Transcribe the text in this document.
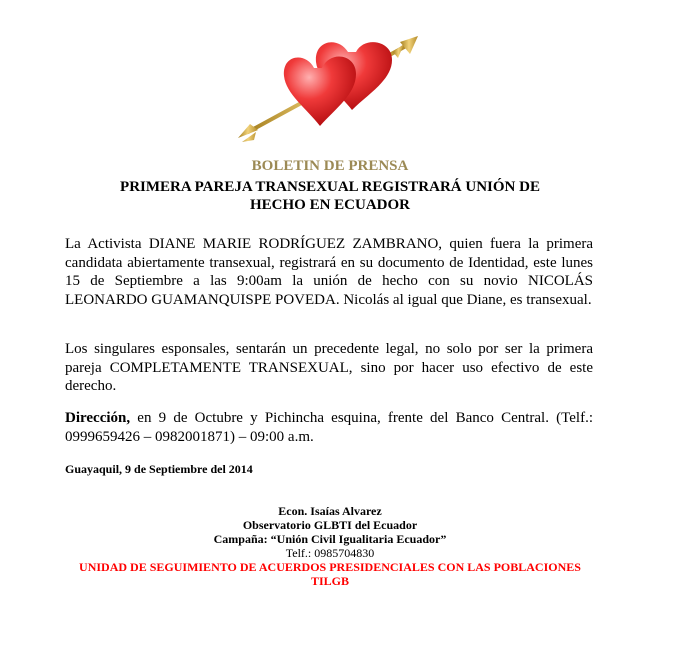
BOLETIN DE PRENSA
PRIMERA PAREJA TRANSEXUAL REGISTRARÁ UNIÓN DE
HECHO EN ECUADOR
La Activista DIANE MARIE RODRÍGUEZ ZAMBRANO, quien fuera la primera candidata abiertamente transexual, registrará en su documento de Identidad, este lunes 15 de Septiembre a las 9:00am la unión de hecho con su novio NICOLÁS LEONARDO GUAMANQUISPE POVEDA. Nicolás al igual que Diane, es transexual.
Los singulares esponsales, sentarán un precedente legal, no solo por ser la primera pareja COMPLETAMENTE TRANSEXUAL, sino por hacer uso efectivo de este derecho.
Dirección, en 9 de Octubre y Pichincha esquina, frente del Banco Central. (Telf.: 0999659426 – 0982001871) – 09:00 a.m.
Guayaquil, 9 de Septiembre del 2014
Econ. Isaías Alvarez
Observatorio GLBTI del Ecuador
Campaña: “Unión Civil Igualitaria Ecuador”
Telf.: 0985704830
UNIDAD DE SEGUIMIENTO DE ACUERDOS PRESIDENCIALES CON LAS POBLACIONES
TILGB
